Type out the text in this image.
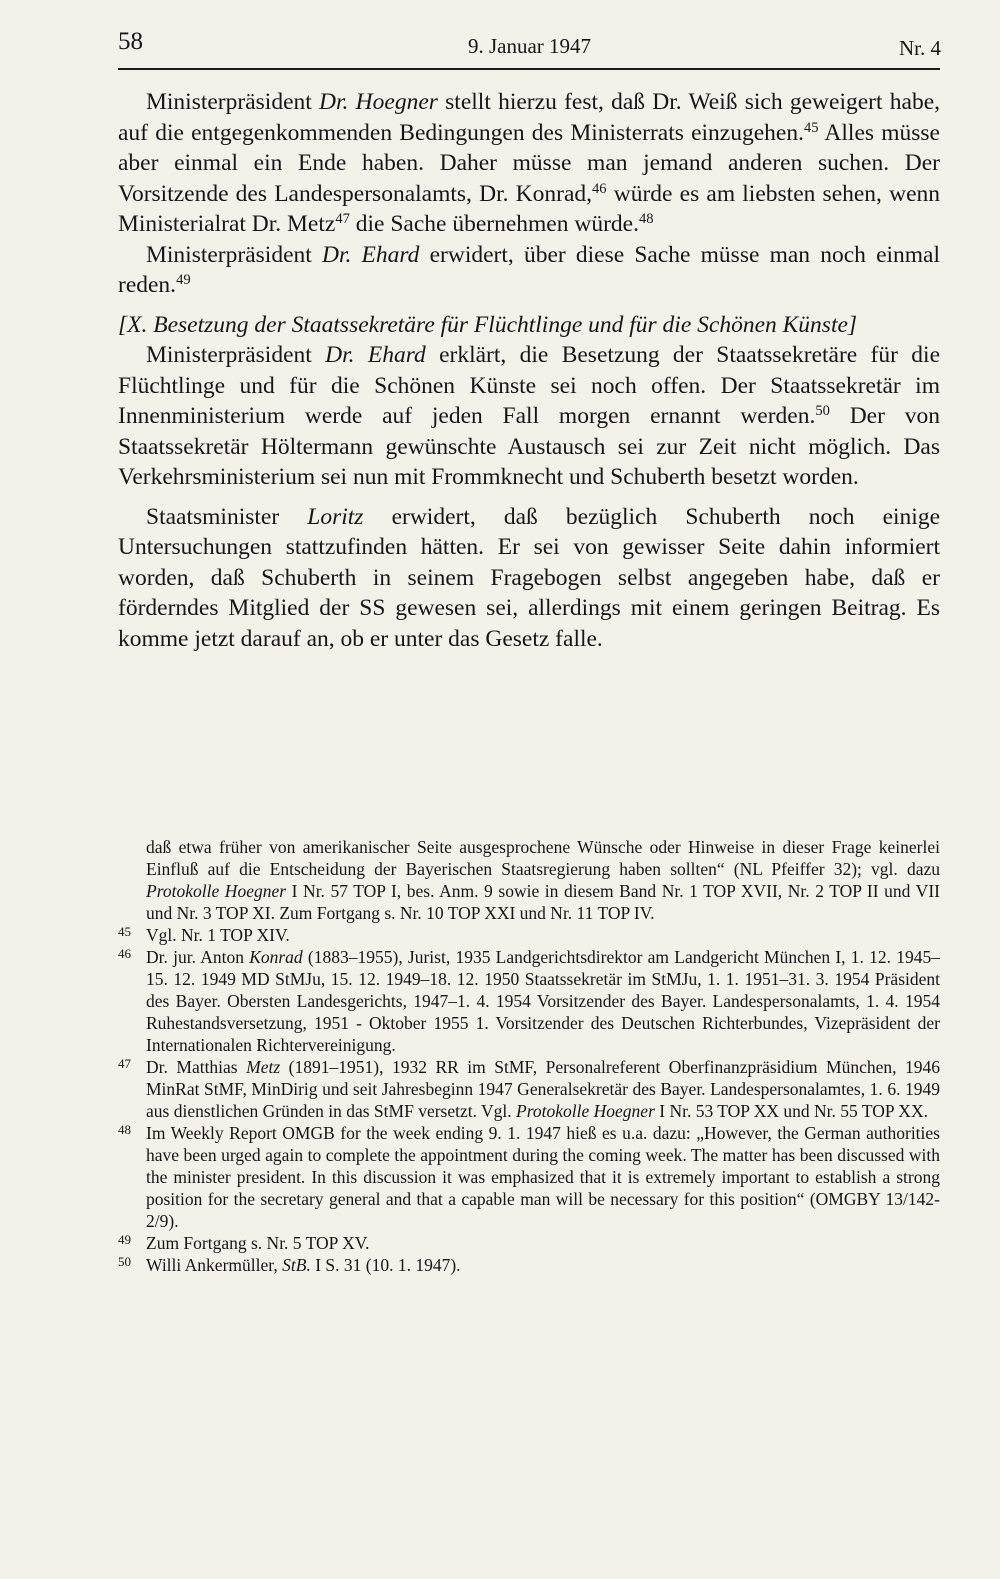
58	9. Januar 1947	Nr. 4

Ministerpräsident Dr. Hoegner stellt hierzu fest, daß Dr. Weiß sich geweigert habe, auf die entgegenkommenden Bedingungen des Ministerrats einzugehen.$^{45}$ Alles müsse aber einmal ein Ende haben. Daher müsse man jemand anderen suchen. Der Vorsitzende des Landespersonalamts, Dr. Konrad,$^{46}$ würde es am liebsten sehen, wenn Ministerialrat Dr. Metz$^{47}$ die Sache übernehmen würde.$^{48}$

Ministerpräsident Dr. Ehard erwidert, über diese Sache müsse man noch einmal reden.$^{49}$

[X. Besetzung der Staatssekretäre für Flüchtlinge und für die Schönen Künste]

Ministerpräsident Dr. Ehard erklärt, die Besetzung der Staatssekretäre für die Flüchtlinge und für die Schönen Künste sei noch offen. Der Staatssekretär im Innenministerium werde auf jeden Fall morgen ernannt werden.$^{50}$ Der von Staatssekretär Höltermann gewünschte Austausch sei zur Zeit nicht möglich. Das Verkehrsministerium sei nun mit Frommknecht und Schuberth besetzt worden.

Staatsminister Loritz erwidert, daß bezüglich Schuberth noch einige Untersuchungen stattzufinden hätten. Er sei von gewisser Seite dahin informiert worden, daß Schuberth in seinem Fragebogen selbst angegeben habe, daß er förderndes Mitglied der SS gewesen sei, allerdings mit einem geringen Beitrag. Es komme jetzt darauf an, ob er unter das Gesetz falle.

daß etwa früher von amerikanischer Seite ausgesprochene Wünsche oder Hinweise in dieser Frage keinerlei Einfluß auf die Entscheidung der Bayerischen Staatsregierung haben sollten“ (NL Pfeiffer 32); vgl. dazu Protokolle Hoegner I Nr. 57 TOP I, bes. Anm. 9 sowie in diesem Band Nr. 1 TOP XVII, Nr. 2 TOP II und VII und Nr. 3 TOP XI. Zum Fortgang s. Nr. 10 TOP XXI und Nr. 11 TOP IV.

45 Vgl. Nr. 1 TOP XIV.

46 Dr. jur. Anton Konrad (1883–1955), Jurist, 1935 Landgerichtsdirektor am Landgericht München I, 1. 12. 1945–15. 12. 1949 MD StMJu, 15. 12. 1949–18. 12. 1950 Staatssekretär im StMJu, 1. 1. 1951–31. 3. 1954 Präsident des Bayer. Obersten Landesgerichts, 1947–1. 4. 1954 Vorsitzender des Bayer. Landespersonalamts, 1. 4. 1954 Ruhestandsversetzung, 1951 - Oktober 1955 1. Vorsitzender des Deutschen Richterbundes, Vizepräsident der Internationalen Richtervereinigung.

47 Dr. Matthias Metz (1891–1951), 1932 RR im StMF, Personalreferent Oberfinanzpräsidium München, 1946 MinRat StMF, MinDirig und seit Jahresbeginn 1947 Generalsekretär des Bayer. Landespersonalamtes, 1. 6. 1949 aus dienstlichen Gründen in das StMF versetzt. Vgl. Protokolle Hoegner I Nr. 53 TOP XX und Nr. 55 TOP XX.

48 Im Weekly Report OMGB for the week ending 9. 1. 1947 hieß es u.a. dazu: „However, the German authorities have been urged again to complete the appointment during the coming week. The matter has been discussed with the minister president. In this discussion it was emphasized that it is extremely important to establish a strong position for the secretary general and that a capable man will be necessary for this position“ (OMGBY 13/142-2/9).

49 Zum Fortgang s. Nr. 5 TOP XV.

50 Willi Ankermüller, StB. I S. 31 (10. 1. 1947).
